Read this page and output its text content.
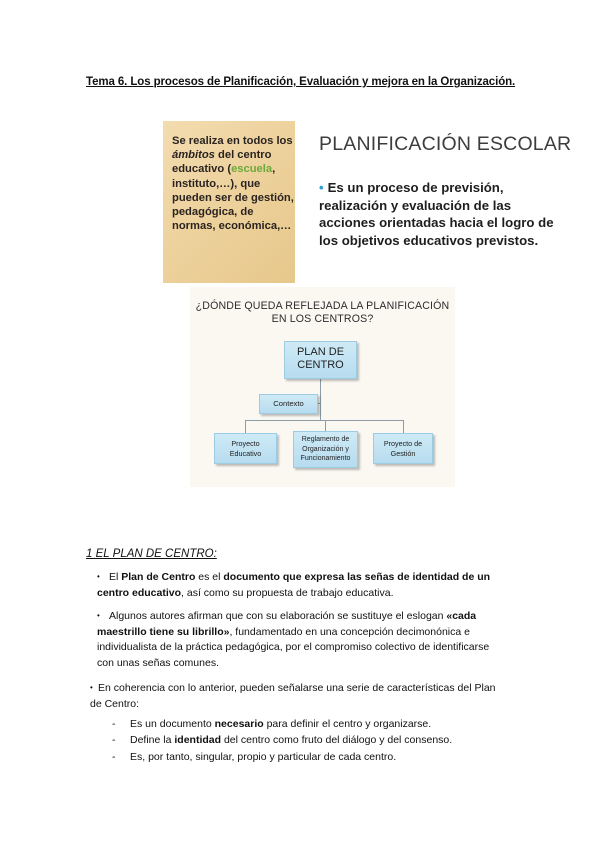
Tema 6. Los procesos de Planificación, Evaluación y mejora en la Organización.

Se realiza en todos los ámbitos del centro educativo (escuela, instituto,…), que pueden ser de gestión, pedagógica, de normas, económica,…

PLANIFICACIÓN ESCOLAR
• Es un proceso de previsión, realización y evaluación de las acciones orientadas hacia el logro de los objetivos educativos previstos.
¿DÓNDE QUEDA REFLEJADA LA PLANIFICACIÓN
EN LOS CENTROS?
PLAN DE
CENTRO
Contexto
Proyecto
Educativo
Reglamento de
Organización y
Funcionamiento
Proyecto de
Gestión
1 EL PLAN DE CENTRO:

• El Plan de Centro es el documento que expresa las señas de identidad de un centro educativo, así como su propuesta de trabajo educativa.

• Algunos autores afirman que con su elaboración se sustituye el eslogan «cada maestrillo tiene su librillo», fundamentado en una concepción decimonónica e individualista de la práctica pedagógica, por el compromiso colectivo de identificarse con unas señas comunes.

• En coherencia con lo anterior, pueden señalarse una serie de características del Plan de Centro:

- Es un documento necesario para definir el centro y organizarse.
- Define la identidad del centro como fruto del diálogo y del consenso.
- Es, por tanto, singular, propio y particular de cada centro.
